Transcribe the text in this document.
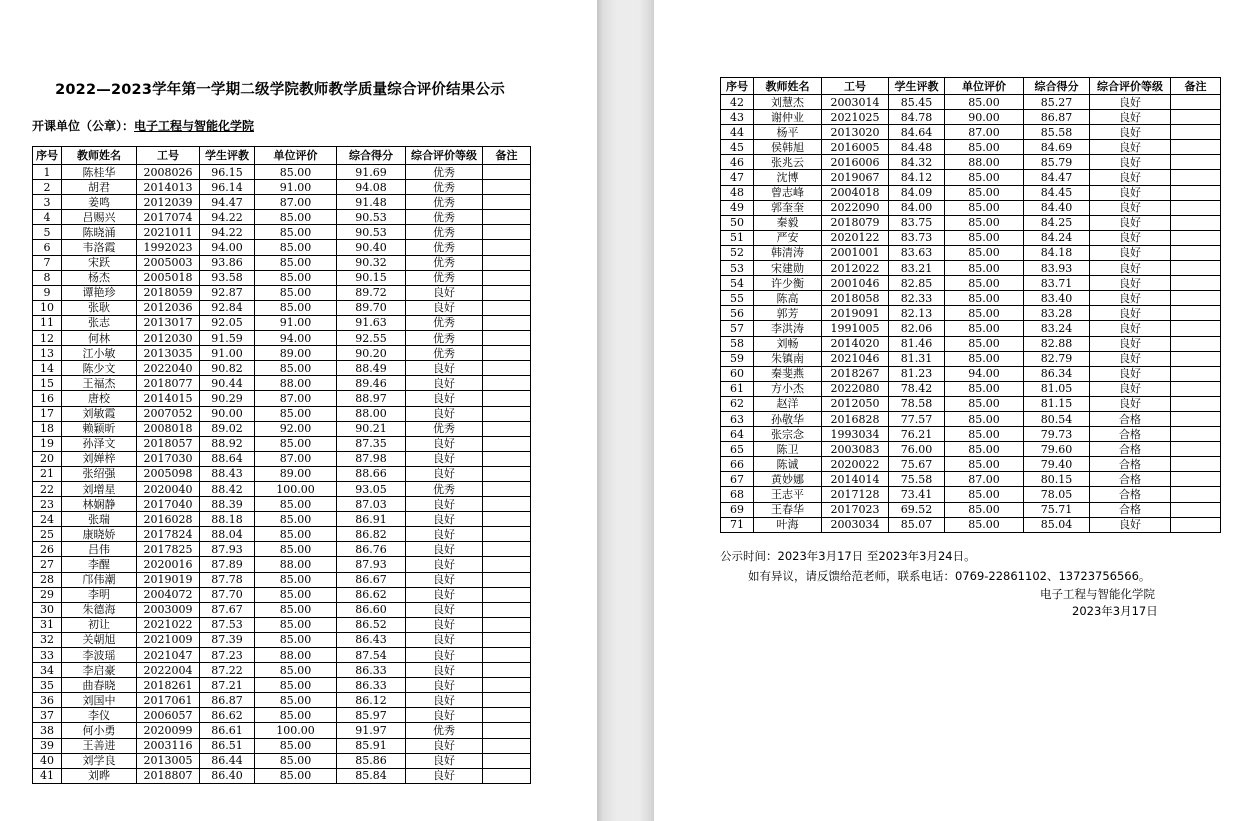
2022—2023学年第一学期二级学院教师教学质量综合评价结果公示
开课单位（公章）：电子工程与智能化学院
序号	教师姓名	工号	学生评教	单位评价	综合得分	综合评价等级	备注
1	陈桂华	2008026	96.15	85.00	91.69	优秀	
2	胡君	2014013	96.14	91.00	94.08	优秀	
3	姜鸣	2012039	94.47	87.00	91.48	优秀	
4	吕赐兴	2017074	94.22	85.00	90.53	优秀	
5	陈晓涌	2021011	94.22	85.00	90.53	优秀	
6	韦洛霞	1992023	94.00	85.00	90.40	优秀	
7	宋跃	2005003	93.86	85.00	90.32	优秀	
8	杨杰	2005018	93.58	85.00	90.15	优秀	
9	谭艳珍	2018059	92.87	85.00	89.72	良好	
10	张耿	2012036	92.84	85.00	89.70	良好	
11	张志	2013017	92.05	91.00	91.63	优秀	
12	何林	2012030	91.59	94.00	92.55	优秀	
13	江小敏	2013035	91.00	89.00	90.20	优秀	
14	陈少文	2022040	90.82	85.00	88.49	良好	
15	王福杰	2018077	90.44	88.00	89.46	良好	
16	唐校	2014015	90.29	87.00	88.97	良好	
17	刘敏霞	2007052	90.00	85.00	88.00	良好	
18	赖颖昕	2008018	89.02	92.00	90.21	优秀	
19	孙泽文	2018057	88.92	85.00	87.35	良好	
20	刘婵梓	2017030	88.64	87.00	87.98	良好	
21	张绍强	2005098	88.43	89.00	88.66	良好	
22	刘增星	2020040	88.42	100.00	93.05	优秀	
23	林娴静	2017040	88.39	85.00	87.03	良好	
24	张瑞	2016028	88.18	85.00	86.91	良好	
25	康晓娇	2017824	88.04	85.00	86.82	良好	
26	吕伟	2017825	87.93	85.00	86.76	良好	
27	李醒	2020016	87.89	88.00	87.93	良好	
28	邝伟潮	2019019	87.78	85.00	86.67	良好	
29	李明	2004072	87.70	85.00	86.62	良好	
30	朱德海	2003009	87.67	85.00	86.60	良好	
31	初让	2021022	87.53	85.00	86.52	良好	
32	关朝旭	2021009	87.39	85.00	86.43	良好	
33	李波瑶	2021047	87.23	88.00	87.54	良好	
34	李启豪	2022004	87.22	85.00	86.33	良好	
35	曲春晓	2018261	87.21	85.00	86.33	良好	
36	刘国中	2017061	86.87	85.00	86.12	良好	
37	李仪	2006057	86.62	85.00	85.97	良好	
38	何小勇	2020099	86.61	100.00	91.97	优秀	
39	王善进	2003116	86.51	85.00	85.91	良好	
40	刘学良	2013005	86.44	85.00	85.86	良好	
41	刘晔	2018807	86.40	85.00	85.84	良好	
序号	教师姓名	工号	学生评教	单位评价	综合得分	综合评价等级	备注
42	刘慧杰	2003014	85.45	85.00	85.27	良好	
43	谢仲业	2021025	84.78	90.00	86.87	良好	
44	杨平	2013020	84.64	87.00	85.58	良好	
45	侯韩旭	2016005	84.48	85.00	84.69	良好	
46	张兆云	2016006	84.32	88.00	85.79	良好	
47	沈博	2019067	84.12	85.00	84.47	良好	
48	曾志峰	2004018	84.09	85.00	84.45	良好	
49	郭奎奎	2022090	84.00	85.00	84.40	良好	
50	秦毅	2018079	83.75	85.00	84.25	良好	
51	严安	2020122	83.73	85.00	84.24	良好	
52	韩清涛	2001001	83.63	85.00	84.18	良好	
53	宋建勋	2012022	83.21	85.00	83.93	良好	
54	许少衡	2001046	82.85	85.00	83.71	良好	
55	陈高	2018058	82.33	85.00	83.40	良好	
56	郭芳	2019091	82.13	85.00	83.28	良好	
57	李洪涛	1991005	82.06	85.00	83.24	良好	
58	刘畅	2014020	81.46	85.00	82.88	良好	
59	朱镇南	2021046	81.31	85.00	82.79	良好	
60	秦斐燕	2018267	81.23	94.00	86.34	良好	
61	方小杰	2022080	78.42	85.00	81.05	良好	
62	赵洋	2012050	78.58	85.00	81.15	良好	
63	孙敬华	2016828	77.57	85.00	80.54	合格	
64	张宗念	1993034	76.21	85.00	79.73	合格	
65	陈卫	2003083	76.00	85.00	79.60	合格	
66	陈诚	2020022	75.67	85.00	79.40	合格	
67	黄妙娜	2014014	75.58	87.00	80.15	合格	
68	王志平	2017128	73.41	85.00	78.05	合格	
69	王春华	2017023	69.52	85.00	75.71	合格	
71	叶海	2003034	85.07	85.00	85.04	良好	
公示时间：2023年3月17日 至2023年3月24日。
如有异议，请反馈给范老师，联系电话：0769-22861102、13723756566。
电子工程与智能化学院
2023年3月17日
